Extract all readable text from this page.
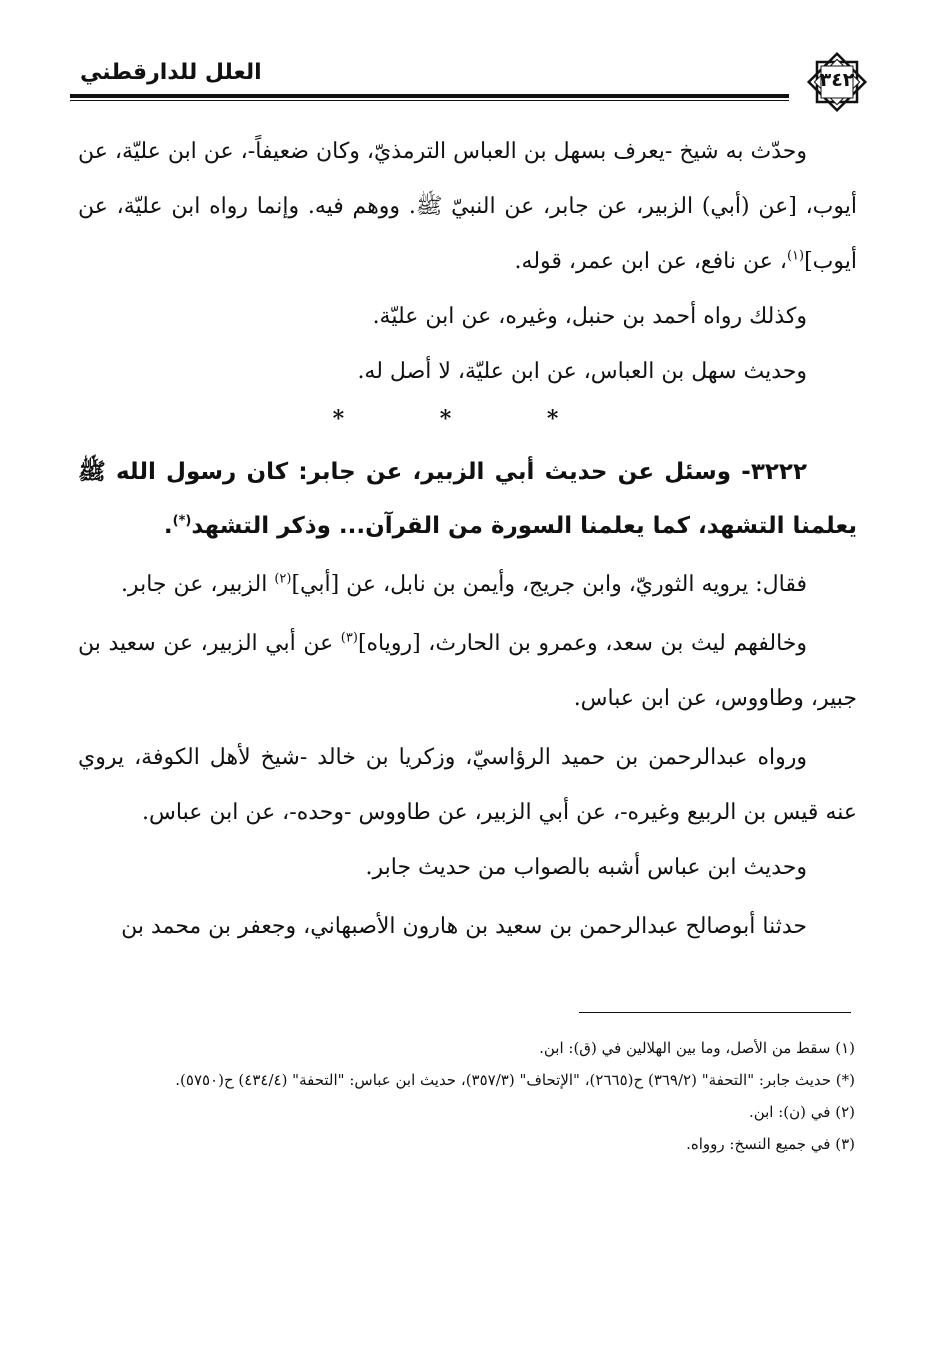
العلل للدارقطني	٣٤٢

وحدّث به شيخ -يعرف بسهل بن العباس الترمذيّ، وكان ضعيفاً-، عن ابن عليّة، عن أيوب، [عن (أبي) الزبير، عن جابر، عن النبيّ ﷺ. ووهم فيه. وإنما رواه ابن عليّة، عن أيوب]$^{(١)}$، عن نافع، عن ابن عمر، قوله.

وكذلك رواه أحمد بن حنبل، وغيره، عن ابن عليّة.

وحديث سهل بن العباس، عن ابن عليّة، لا أصل له.

* * *

٣٢٢٢- وسئل عن حديث أبي الزبير، عن جابر: كان رسول الله ﷺ يعلمنا التشهد، كما يعلمنا السورة من القرآن... وذكر التشهد(*).

فقال: يرويه الثوريّ، وابن جريج، وأيمن بن نابل، عن [أبي]$^{(٢)}$ الزبير، عن جابر.

وخالفهم ليث بن سعد، وعمرو بن الحارث، [روياه]$^{(٣)}$ عن أبي الزبير، عن سعيد بن جبير، وطاووس، عن ابن عباس.

ورواه عبدالرحمن بن حميد الرؤاسيّ، وزكريا بن خالد -شيخ لأهل الكوفة، يروي عنه قيس بن الربيع وغيره-، عن أبي الزبير، عن طاووس -وحده-، عن ابن عباس.

وحديث ابن عباس أشبه بالصواب من حديث جابر.

حدثنا أبوصالح عبدالرحمن بن سعيد بن هارون الأصبهاني، وجعفر بن محمد بن

(١) سقط من الأصل، وما بين الهلالين في (ق): ابن.

(*) حديث جابر: "التحفة" (٣٦٩/٢) ح(٢٦٦٥)، "الإتحاف" (٣٥٧/٣)، حديث ابن عباس: "التحفة" (٤٣٤/٤) ح(٥٧٥٠).

(٢) في (ن): ابن.

(٣) في جميع النسخ: روواه.
